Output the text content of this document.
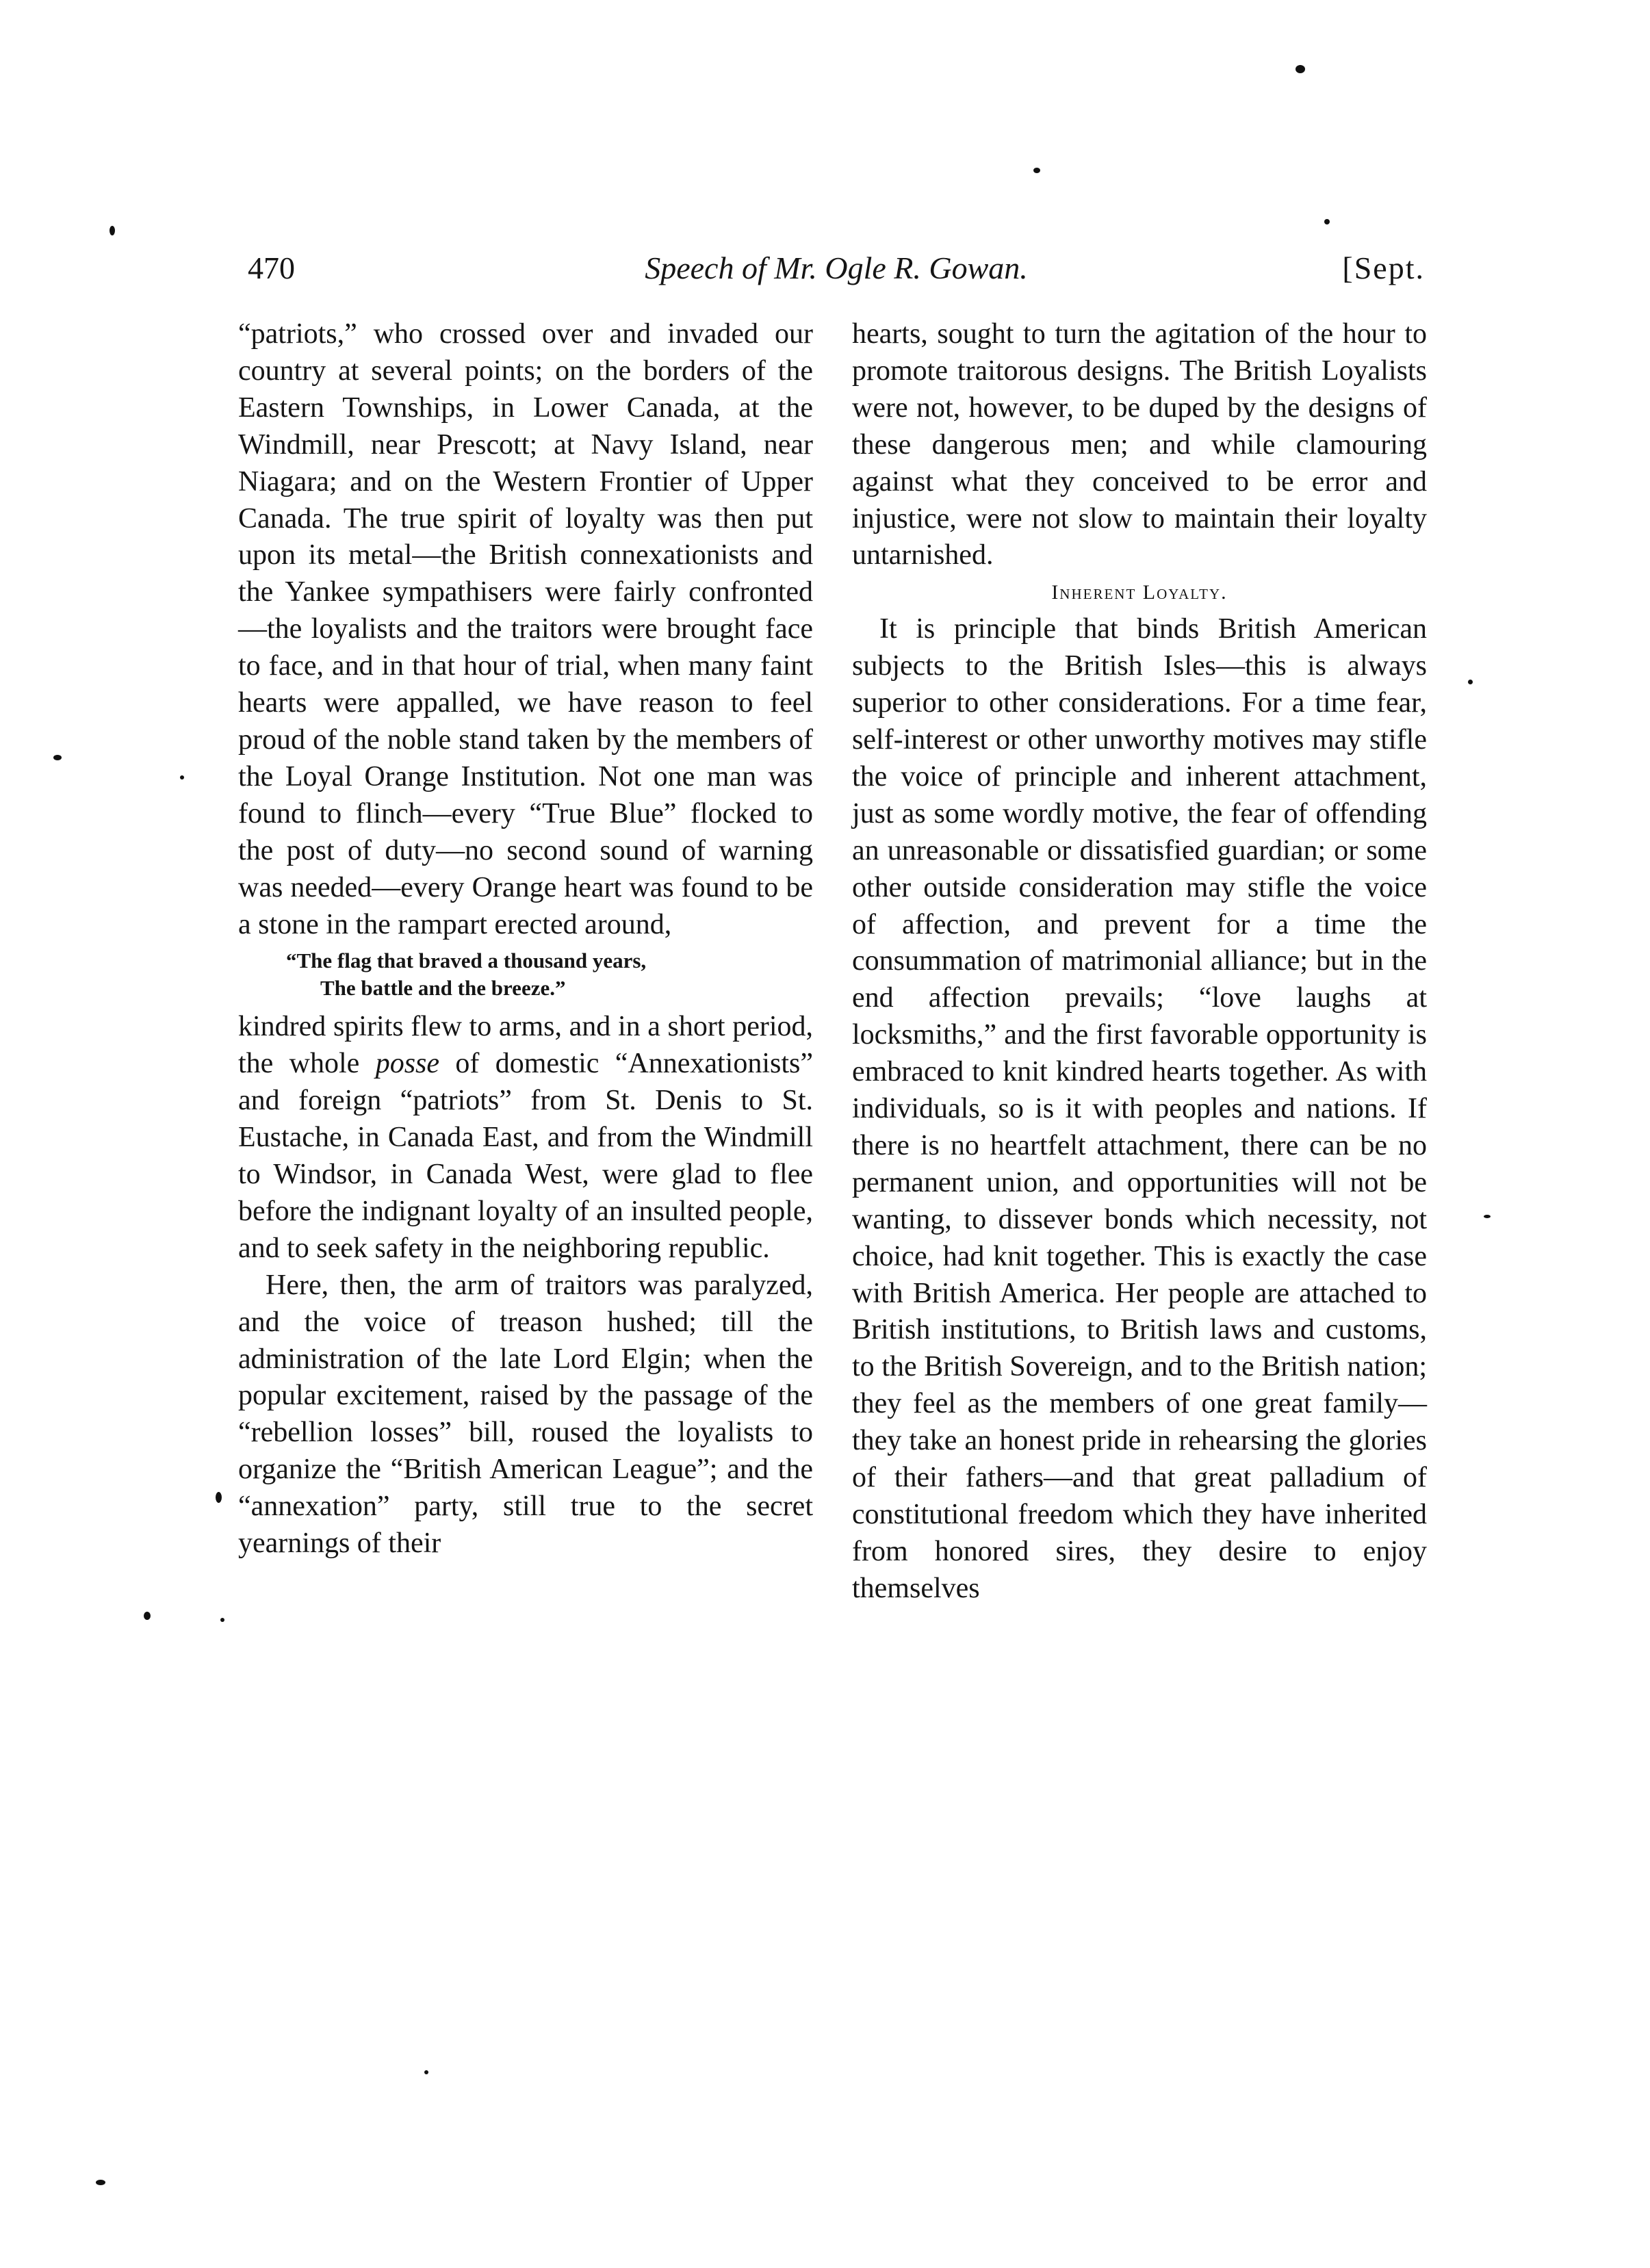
470	Speech of Mr. Ogle R. Gowan.	[Sept.

“patriots,” who crossed over and invaded our country at several points; on the borders of the Eastern Townships, in Lower Canada, at the Windmill, near Prescott; at Navy Island, near Niagara; and on the Western Frontier of Upper Canada. The true spirit of loyalty was then put upon its metal—the British connexationists and the Yankee sympathisers were fairly confronted—the loyalists and the traitors were brought face to face, and in that hour of trial, when many faint hearts were appalled, we have reason to feel proud of the noble stand taken by the members of the Loyal Orange Institution. Not one man was found to flinch—every “True Blue” flocked to the post of duty—no second sound of warning was needed—every Orange heart was found to be a stone in the rampart erected around,

“The flag that braved a thousand years,
The battle and the breeze.”

kindred spirits flew to arms, and in a short period, the whole posse of domestic “Annexationists” and foreign “patriots” from St. Denis to St. Eustache, in Canada East, and from the Windmill to Windsor, in Canada West, were glad to flee before the indignant loyalty of an insulted people, and to seek safety in the neighboring republic.

Here, then, the arm of traitors was paralyzed, and the voice of treason hushed; till the administration of the late Lord Elgin; when the popular excitement, raised by the passage of the “rebellion losses” bill, roused the loyalists to organize the “British American League”; and the “annexation” party, still true to the secret yearnings of their

hearts, sought to turn the agitation of the hour to promote traitorous designs. The British Loyalists were not, however, to be duped by the designs of these dangerous men; and while clamouring against what they conceived to be error and injustice, were not slow to maintain their loyalty untarnished.

Inherent Loyalty.

It is principle that binds British American subjects to the British Isles—this is always superior to other considerations. For a time fear, self-interest or other unworthy motives may stifle the voice of principle and inherent attachment, just as some wordly motive, the fear of offending an unreasonable or dissatisfied guardian; or some other outside consideration may stifle the voice of affection, and prevent for a time the consummation of matrimonial alliance; but in the end affection prevails; “love laughs at locksmiths,” and the first favorable opportunity is embraced to knit kindred hearts together. As with individuals, so is it with peoples and nations. If there is no heartfelt attachment, there can be no permanent union, and opportunities will not be wanting, to dissever bonds which necessity, not choice, had knit together. This is exactly the case with British America. Her people are attached to British institutions, to British laws and customs, to the British Sovereign, and to the British nation; they feel as the members of one great family—they take an honest pride in rehearsing the glories of their fathers—and that great palladium of constitutional freedom which they have inherited from honored sires, they desire to enjoy themselves
